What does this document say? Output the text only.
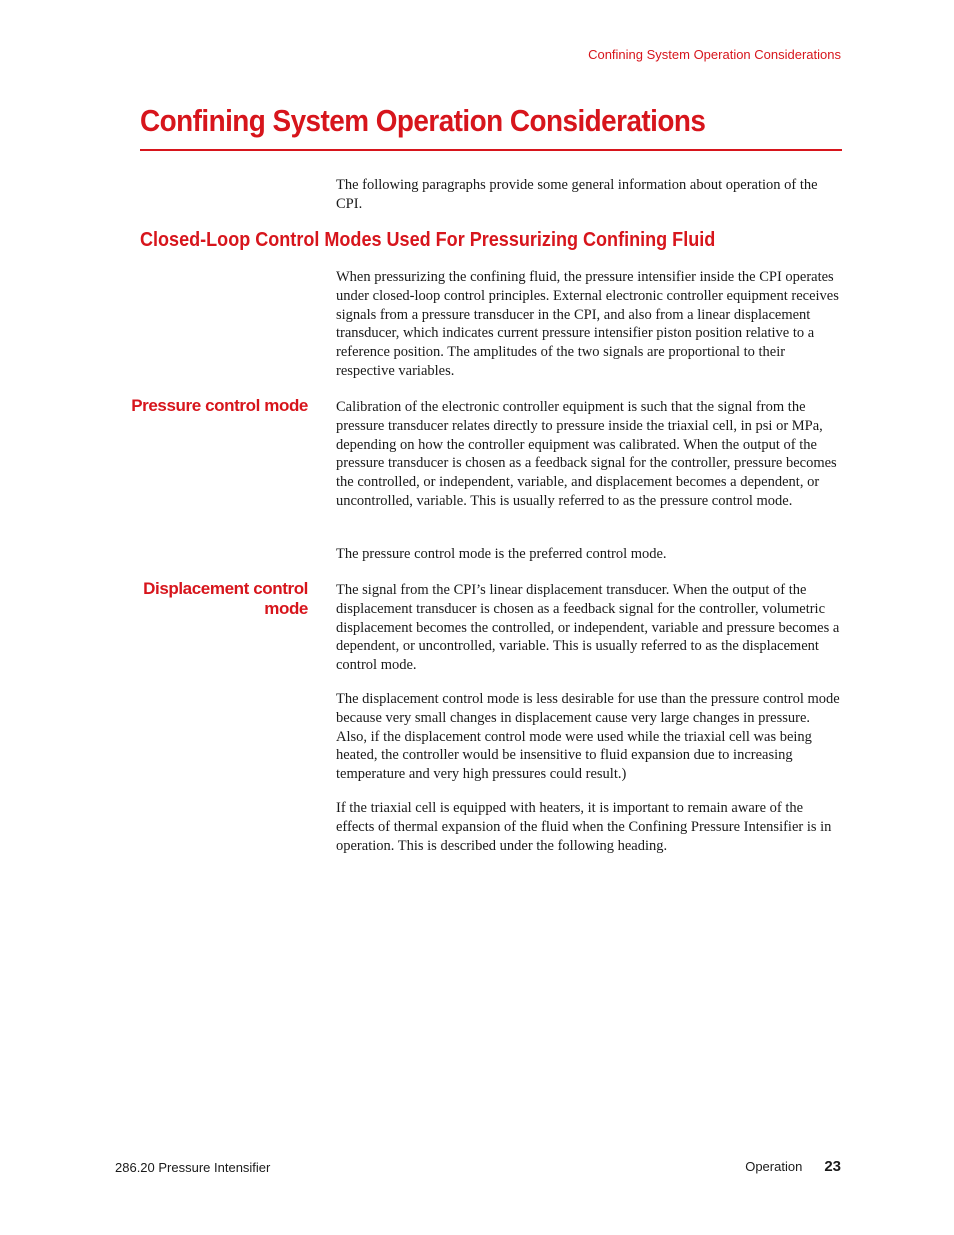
Confining System Operation Considerations
Confining System Operation Considerations

The following paragraphs provide some general information about operation of the CPI.

Closed-Loop Control Modes Used For Pressurizing Confining Fluid

When pressurizing the confining fluid, the pressure intensifier inside the CPI operates under closed-loop control principles. External electronic controller equipment receives signals from a pressure transducer in the CPI, and also from a linear displacement transducer, which indicates current pressure intensifier piston position relative to a reference position. The amplitudes of the two signals are proportional to their respective variables.

Pressure control mode Calibration of the electronic controller equipment is such that the signal from the pressure transducer relates directly to pressure inside the triaxial cell, in psi or MPa, depending on how the controller equipment was calibrated. When the output of the pressure transducer is chosen as a feedback signal for the controller, pressure becomes the controlled, or independent, variable, and displacement becomes a dependent, or uncontrolled, variable. This is usually referred to as the pressure control mode.

The pressure control mode is the preferred control mode.

Displacement control
mode

The signal from the CPI’s linear displacement transducer. When the output of the displacement transducer is chosen as a feedback signal for the controller, volumetric displacement becomes the controlled, or independent, variable and pressure becomes a dependent, or uncontrolled, variable. This is usually referred to as the displacement control mode.

The displacement control mode is less desirable for use than the pressure control mode because very small changes in displacement cause very large changes in pressure. Also, if the displacement control mode were used while the triaxial cell was being heated, the controller would be insensitive to fluid expansion due to increasing temperature and very high pressures could result.)

If the triaxial cell is equipped with heaters, it is important to remain aware of the effects of thermal expansion of the fluid when the Confining Pressure Intensifier is in operation. This is described under the following heading.

286.20 Pressure Intensifier	Operation 23
